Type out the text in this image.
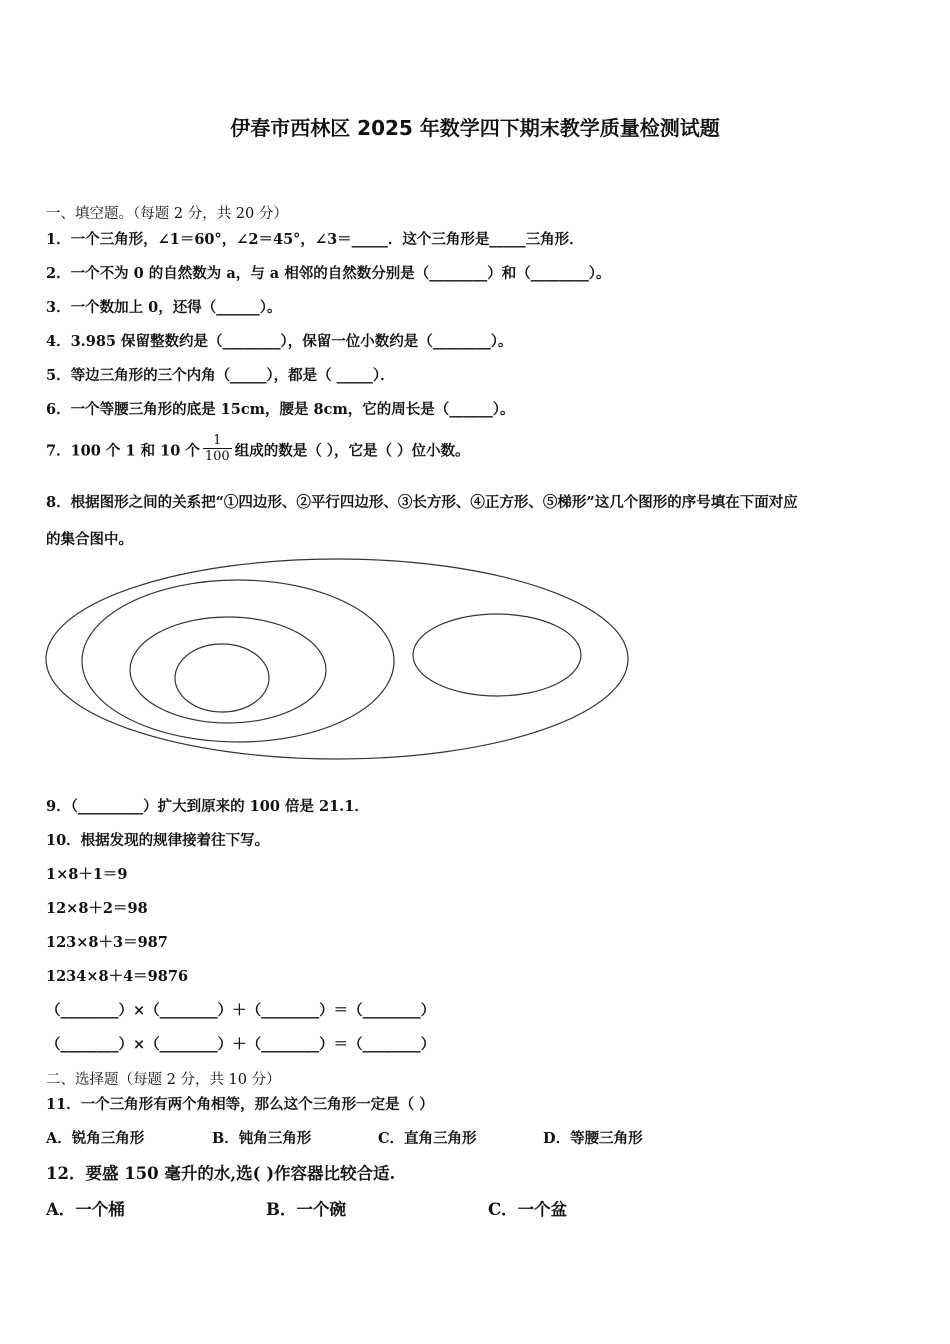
伊春市西林区 2025 年数学四下期末教学质量检测试题
一、填空题。（每题 2 分，共 20 分）
1．一个三角形，∠1＝60°，∠2＝45°，∠3＝_____．这个三角形是_____三角形．
2．一个不为 0 的自然数为 a，与 a 相邻的自然数分别是（________）和（________）。
3．一个数加上 0，还得（______）。
4．3.985 保留整数约是（________），保留一位小数约是（________）。
5．等边三角形的三个内角（_____），都是（ _____）．
6．一个等腰三角形的底是 15cm，腰是 8cm，它的周长是（______）。
7．100 个 1 和 10 个 $\frac{1}{100}$ 组成的数是（ ），它是（ ）位小数。
8．根据图形之间的关系把“①四边形、②平行四边形、③长方形、④正方形、⑤梯形”这几个图形的序号填在下面对应
的集合图中。
9．（_________）扩大到原来的 100 倍是 21.1．
10．根据发现的规律接着往下写。
1×8＋1＝9
12×8＋2＝98
123×8＋3＝987
1234×8＋4＝9876
（________）×（________）＋（________）＝（________）
（________）×（________）＋（________）＝（________）
二、选择题（每题 2 分，共 10 分）
11．一个三角形有两个角相等，那么这个三角形一定是（ ）
A．锐角三角形	B．钝角三角形	C．直角三角形	D．等腰三角形
12．要盛 150 毫升的水,选( )作容器比较合适.
A．一个桶	B．一个碗	C．一个盆
